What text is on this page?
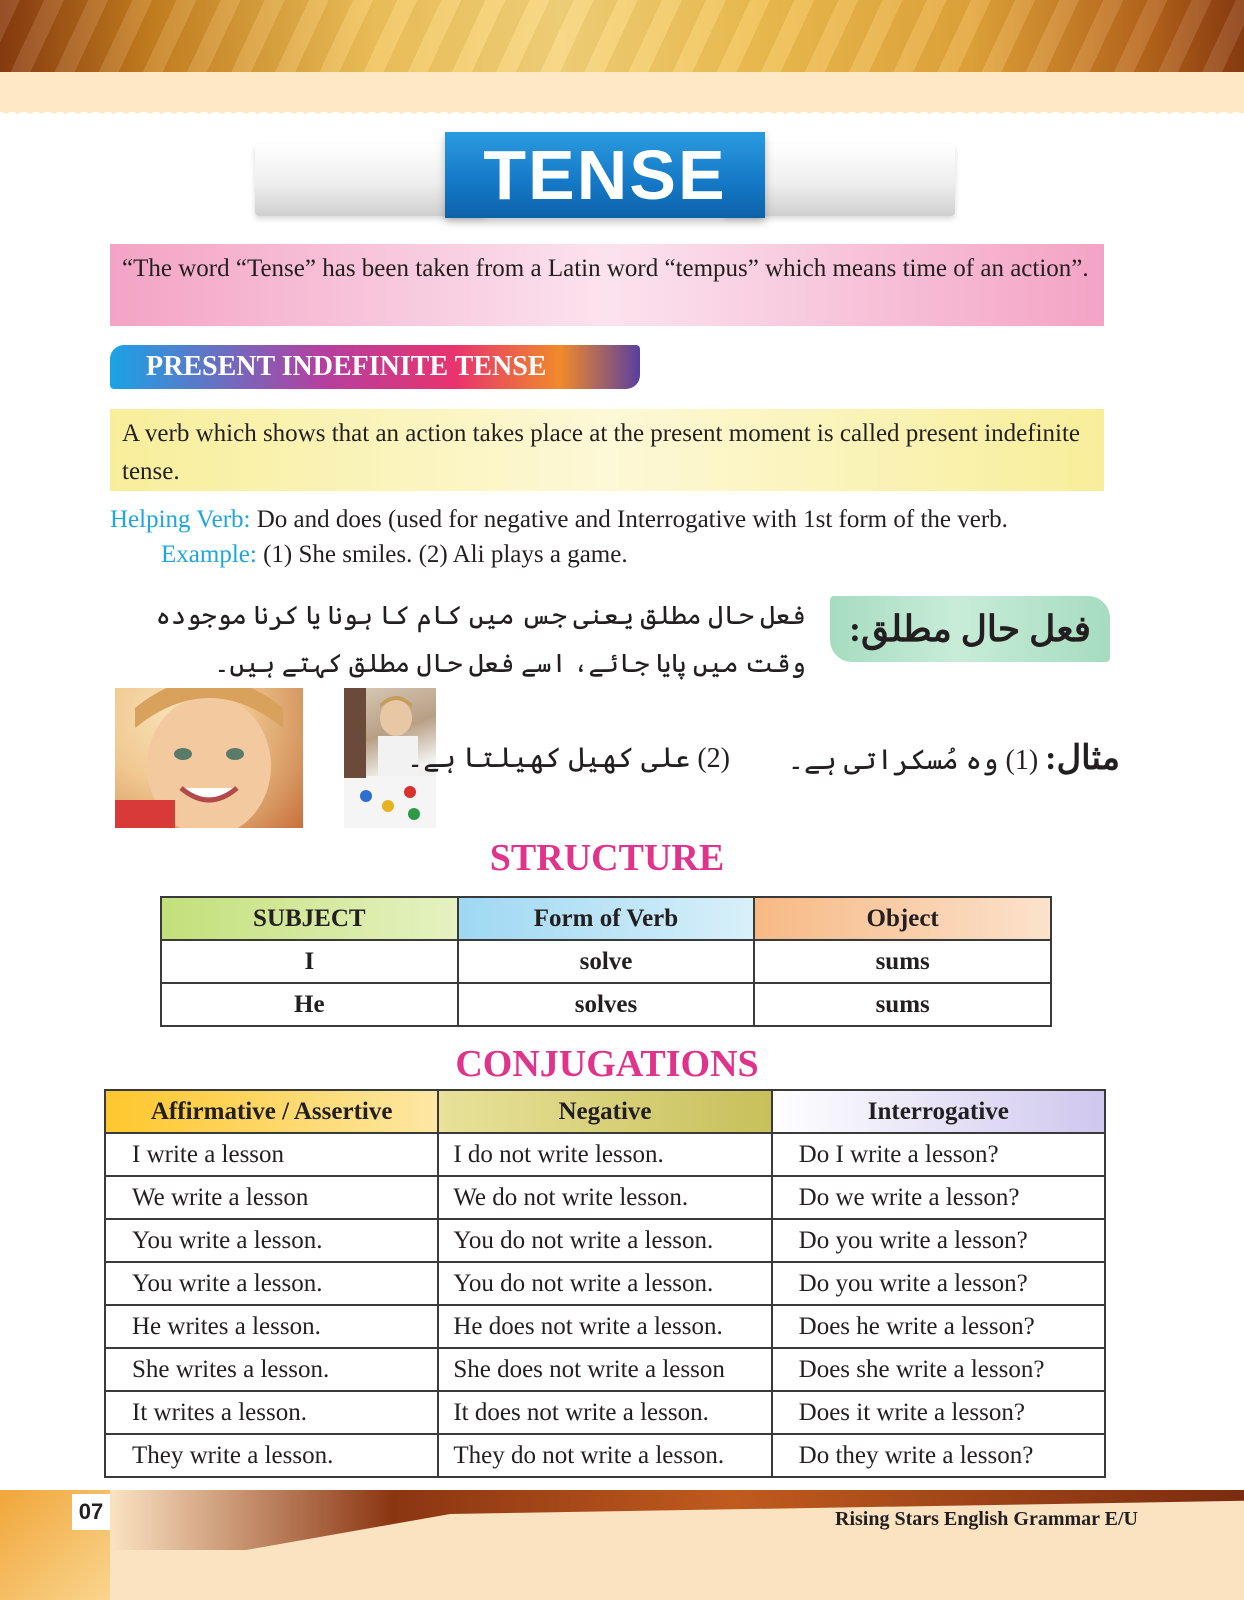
TENSE
“The word “Tense” has been taken from a Latin word “tempus” which means time of an action”.
PRESENT INDEFINITE TENSE
A verb which shows that an action takes place at the present moment is called present indefinite tense.
Helping Verb: Do and does (used for negative and Interrogative with 1st form of the verb.
Example: (1) She smiles. (2) Ali plays a game.
فعل حال مطلق:
فعل حال مطلق یعنی جس میں کام کا ہونا یا کرنا موجودہ وقت میں پایا جائے، اسے فعل حال مطلق کہتے ہیں۔
(2) علی کھیل کھیلتا ہے۔	مثال: (1) وہ مُسکراتی ہے۔
STRUCTURE
SUBJECT	Form of Verb	Object
I	solve	sums
He	solves	sums
CONJUGATIONS
Affirmative / Assertive	Negative	Interrogative
I write a lesson	I do not write lesson.	Do I write a lesson?
We write a lesson	We do not write lesson.	Do we write a lesson?
You write a lesson.	You do not write a lesson.	Do you write a lesson?
You write a lesson.	You do not write a lesson.	Do you write a lesson?
He writes a lesson.	He does not write a lesson.	Does he write a lesson?
She writes a lesson.	She does not write a lesson	Does she write a lesson?
It writes a lesson.	It does not write a lesson.	Does it write a lesson?
They write a lesson.	They do not write a lesson.	Do they write a lesson?
07	Rising Stars English Grammar E/U
